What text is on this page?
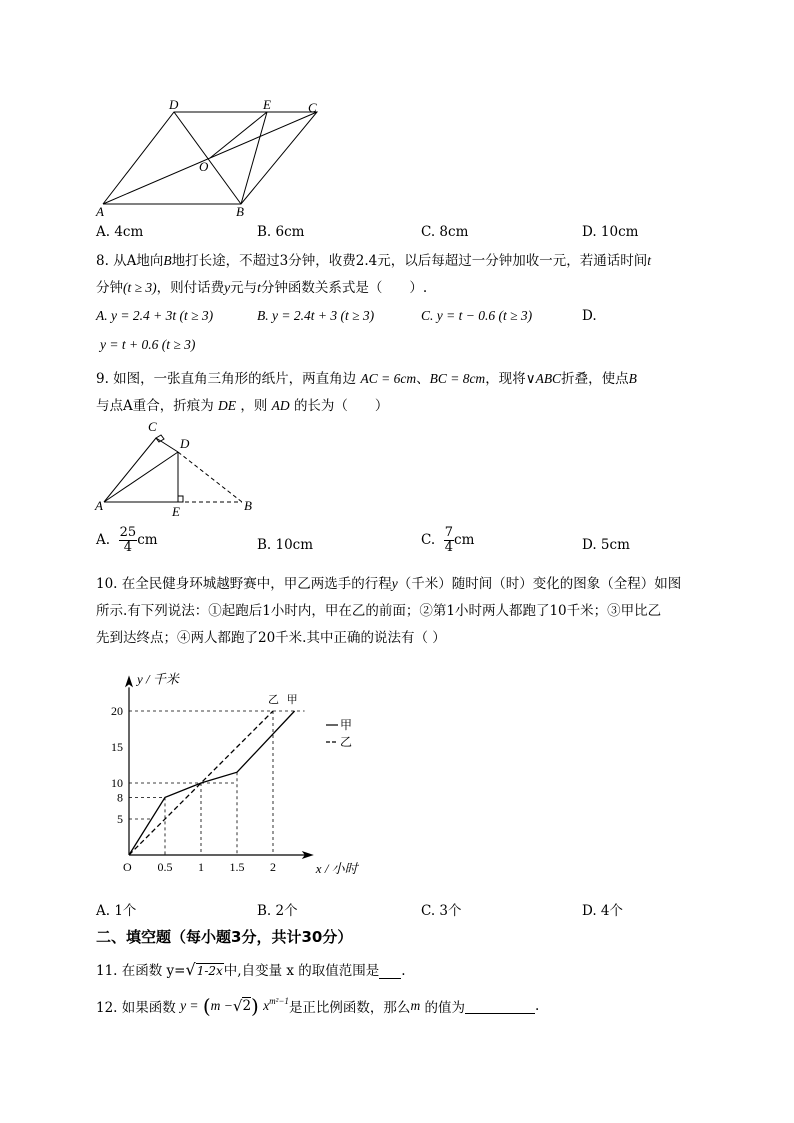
A	B
C
D	E
O
A. 4cm	B. 6cm	C. 8cm	D. 10cm
8. 从A地向B地打长途，不超过3分钟，收费2.4元，以后每超过一分钟加收一元，若通话时间t
分钟(t ≥ 3)，则付话费y元与t分钟函数关系式是（　　）.
A. y = 2.4 + 3t (t ≥ 3)	B. y = 2.4t + 3 (t ≥ 3)	C. y = t − 0.6 (t ≥ 3)	D.
y = t + 0.6 (t ≥ 3)
9. 如图，一张直角三角形的纸片，两直角边 AC = 6cm、BC = 8cm，现将∨ABC折叠，使点B
与点A重合，折痕为 DE ，则 AD 的长为（　　）
A	B
C
D
E
A. $\frac{25}{4}$ cm	B. 10cm	C. $\frac{7}{4}$ cm	D. 5cm
10. 在全民健身环城越野赛中，甲乙两选手的行程y（千米）随时间（时）变化的图象（全程）如图
所示.有下列说法：①起跑后1小时内，甲在乙的前面；②第1小时两人都跑了10千米；③甲比乙
先到达终点；④两人都跑了20千米.其中正确的说法有（ ）
y / 千米
x / 小时
O 0.5 1 1.5 2
5
8
10
15
20
乙 甲
甲
乙
A. 1个	B. 2个	C. 3个	D. 4个
二、填空题（每小题3分，共计30分）
11. 在函数 y=√1-2x中,自变量 x 的取值范围是 .
12. 如果函数 y = (m −√2) $x^{m^2-1}$是正比例函数，那么m 的值为	.
